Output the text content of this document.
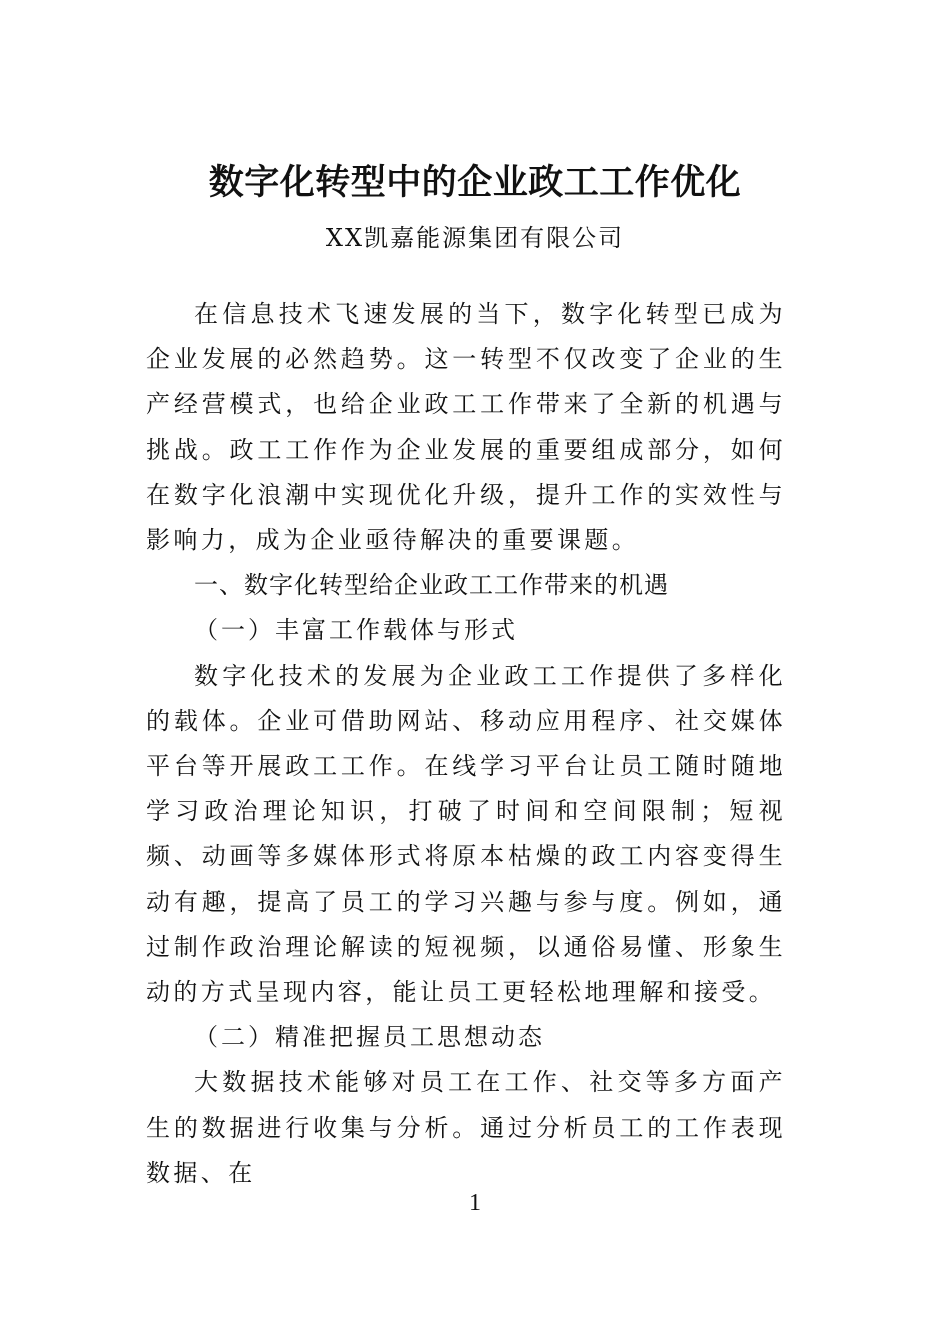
数字化转型中的企业政工工作优化
XX凯嘉能源集团有限公司

在信息技术飞速发展的当下，数字化转型已成为企业发展的必然趋势。这一转型不仅改变了企业的生产经营模式，也给企业政工工作带来了全新的机遇与挑战。政工工作作为企业发展的重要组成部分，如何在数字化浪潮中实现优化升级，提升工作的实效性与影响力，成为企业亟待解决的重要课题。

一、数字化转型给企业政工工作带来的机遇
（一）丰富工作载体与形式

数字化技术的发展为企业政工工作提供了多样化的载体。企业可借助网站、移动应用程序、社交媒体平台等开展政工工作。在线学习平台让员工随时随地学习政治理论知识，打破了时间和空间限制；短视频、动画等多媒体形式将原本枯燥的政工内容变得生动有趣，提高了员工的学习兴趣与参与度。例如，通过制作政治理论解读的短视频，以通俗易懂、形象生动的方式呈现内容，能让员工更轻松地理解和接受。

（二）精准把握员工思想动态

大数据技术能够对员工在工作、社交等多方面产生的数据进行收集与分析。通过分析员工的工作表现数据、在

1
